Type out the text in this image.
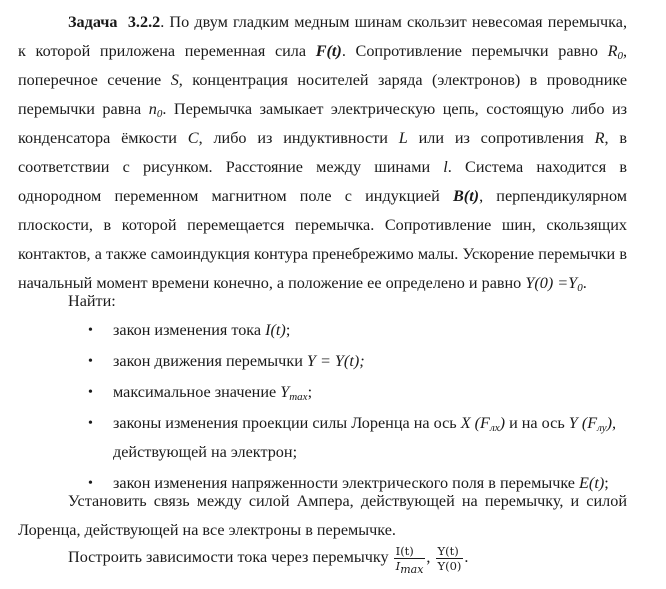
Задача 3.2.2. По двум гладким медным шинам скользит невесомая перемычка, к которой приложена переменная сила F(t). Сопротивление перемычки равно $R_0$, поперечное сечение S, концентрация носителей заряда (электронов) в проводнике перемычки равна $n_0$. Перемычка замыкает электрическую цепь, состоящую либо из конденсатора ёмкости C, либо из индуктивности L или из сопротивления R, в соответствии с рисунком. Расстояние между шинами l. Система находится в однородном переменном магнитном поле с индукцией B(t), перпендикулярном плоскости, в которой перемещается перемычка. Сопротивление шин, скользящих контактов, а также самоиндукция контура пренебрежимо малы. Ускорение перемычки в начальный момент времени конечно, а положение ее определено и равно $Y(0) =Y_0$.

Найти:

• закон изменения тока I(t);
• закон движения перемычки Y = Y(t);
• максимальное значение $Y_{max}$;
• законы изменения проекции силы Лоренца на ось X $(F_{лх})$ и на ось Y $(F_{лу})$, действующей на электрон;
• закон изменения напряженности электрического поля в перемычке E(t);

Установить связь между силой Ампера, действующей на перемычку, и силой Лоренца, действующей на все электроны в перемычке.

Построить зависимости тока через перемычку $\frac{I(t)}{I_{max}}$ , $\frac{Y(t)}{Y(0)}$ .
